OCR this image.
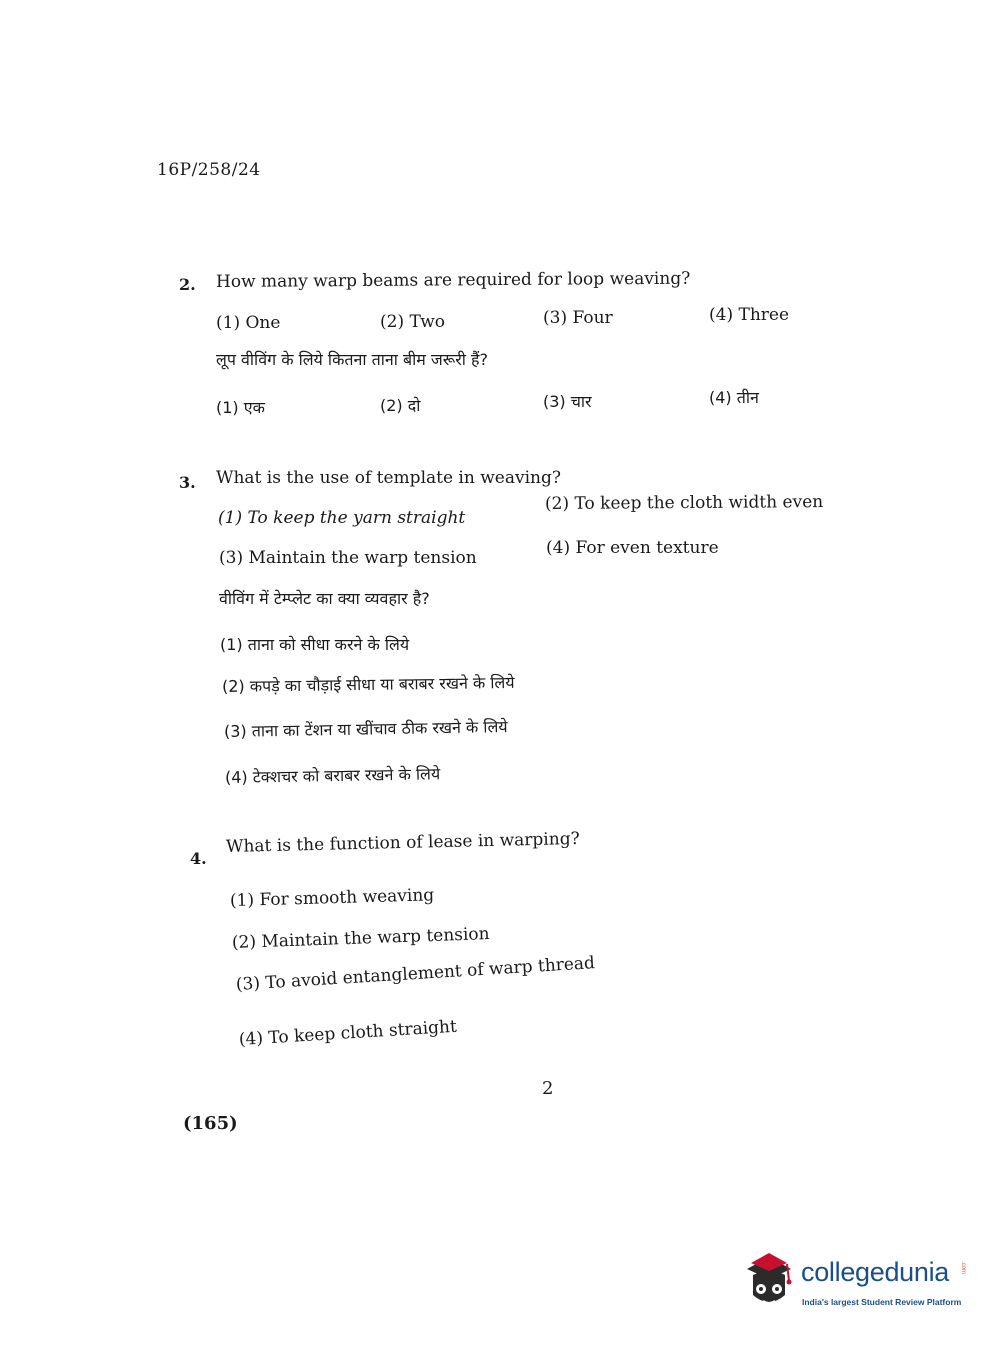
16P/258/24
2. How many warp beams are required for loop weaving?
(1) One	(2) Two	(3) Four	(4) Three
लूप वीविंग के लिये कितना ताना बीम जरूरी हैं?
(1) एक	(2) दो	(3) चार	(4) तीन
3. What is the use of template in weaving?
(1) To keep the yarn straight
(2) To keep the cloth width even
(3) Maintain the warp tension	(4) For even texture
वीविंग में टेम्प्लेट का क्या व्यवहार है?
(1) ताना को सीधा करने के लिये
(2) कपड़े का चौड़ाई सीधा या बराबर रखने के लिये
(3) ताना का टेंशन या खींचाव ठीक रखने के लिये
(4) टेक्शचर को बराबर रखने के लिये
4.
What is the function of lease in warping?
(1) For smooth weaving
(2) Maintain the warp tension
(3) To avoid entanglement of warp thread
(4) To keep cloth straight
2
(165)
collegedunia .com
India's largest Student Review Platform
